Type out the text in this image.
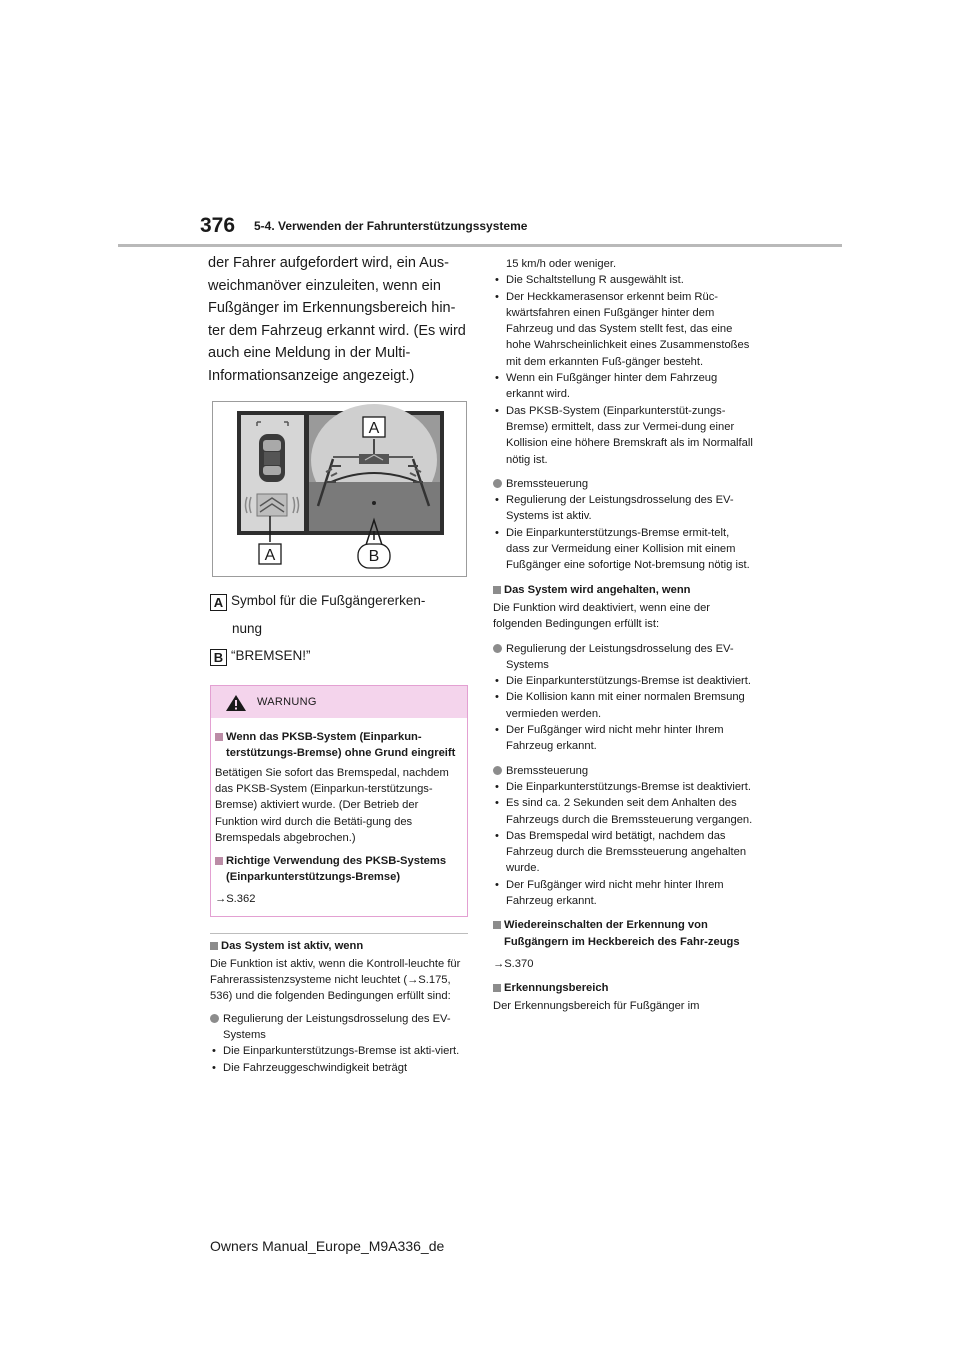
376 5-4. Verwenden der Fahrunterstützungssysteme

der Fahrer aufgefordert wird, ein Aus-weichmanöver einzuleiten, wenn ein Fußgänger im Erkennungsbereich hin-ter dem Fahrzeug erkannt wird. (Es wird auch eine Meldung in der Multi-Informationsanzeige angezeigt.)

A
A	B
A Symbol für die Fußgängererken-
nung
B “BREMSEN!”
WARNUNG
Wenn das PKSB-System (Einparkun-terstützungs-Bremse) ohne Grund eingreift

Betätigen Sie sofort das Bremspedal, nachdem das PKSB-System (Einparkun-terstützungs-Bremse) aktiviert wurde. (Der Betrieb der Funktion wird durch die Betäti-gung des Bremspedals abgebrochen.)

Richtige Verwendung des PKSB-Systems (Einparkunterstützungs-Bremse)

→S.362

Das System ist aktiv, wenn

Die Funktion ist aktiv, wenn die Kontroll-leuchte für Fahrerassistenzsysteme nicht leuchtet (→S.175, 536) und die folgenden Bedingungen erfüllt sind:

Regulierung der Leistungsdrosselung des EV-Systems
• Die Einparkunterstützungs-Bremse ist akti-viert.
• Die Fahrzeuggeschwindigkeit beträgt
15 km/h oder weniger.
• Die Schaltstellung R ausgewählt ist.
• Der Heckkamerasensor erkennt beim Rüc-kwärtsfahren einen Fußgänger hinter dem Fahrzeug und das System stellt fest, das eine hohe Wahrscheinlichkeit eines Zusammenstoßes mit dem erkannten Fuß-gänger besteht.
• Wenn ein Fußgänger hinter dem Fahrzeug erkannt wird.
• Das PKSB-System (Einparkunterstüt-zungs-Bremse) ermittelt, dass zur Vermei-dung einer Kollision eine höhere Bremskraft als im Normalfall nötig ist.
Bremssteuerung
• Regulierung der Leistungsdrosselung des EV-Systems ist aktiv.
• Die Einparkunterstützungs-Bremse ermit-telt, dass zur Vermeidung einer Kollision mit einem Fußgänger eine sofortige Not-bremsung nötig ist.
Das System wird angehalten, wenn

Die Funktion wird deaktiviert, wenn eine der folgenden Bedingungen erfüllt ist:

Regulierung der Leistungsdrosselung des EV-Systems
• Die Einparkunterstützungs-Bremse ist deaktiviert.
• Die Kollision kann mit einer normalen Bremsung vermieden werden.
• Der Fußgänger wird nicht mehr hinter Ihrem Fahrzeug erkannt.
Bremssteuerung
• Die Einparkunterstützungs-Bremse ist deaktiviert.
• Es sind ca. 2 Sekunden seit dem Anhalten des Fahrzeugs durch die Bremssteuerung vergangen.
• Das Bremspedal wird betätigt, nachdem das Fahrzeug durch die Bremssteuerung angehalten wurde.
• Der Fußgänger wird nicht mehr hinter Ihrem Fahrzeug erkannt.
Wiedereinschalten der Erkennung von Fußgängern im Heckbereich des Fahr-zeugs

→S.370

Erkennungsbereich

Der Erkennungsbereich für Fußgänger im

Owners Manual_Europe_M9A336_de
